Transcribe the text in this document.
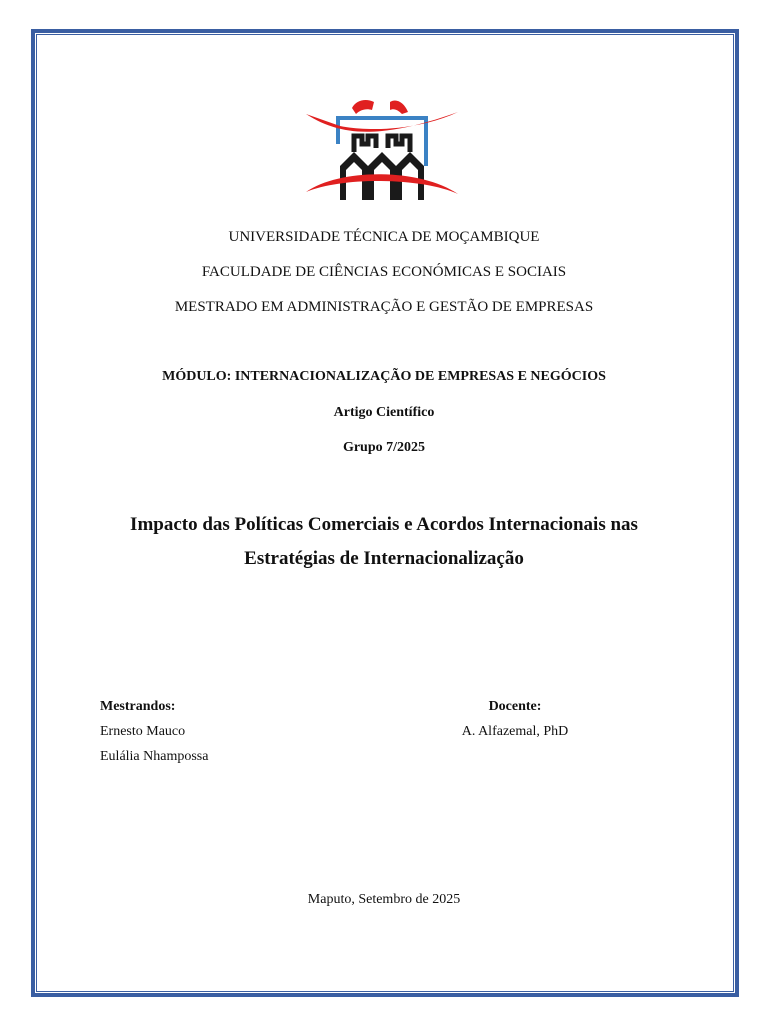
UNIVERSIDADE TÉCNICA DE MOÇAMBIQUE
FACULDADE DE CIÊNCIAS ECONÓMICAS E SOCIAIS
MESTRADO EM ADMINISTRAÇÃO E GESTÃO DE EMPRESAS
MÓDULO: INTERNACIONALIZAÇÃO DE EMPRESAS E NEGÓCIOS
Artigo Científico
Grupo 7/2025
Impacto das Políticas Comerciais e Acordos Internacionais nas
Estratégias de Internacionalização
Mestrandos:
Ernesto Mauco
Eulália Nhampossa
Docente:
A. Alfazemal, PhD
Maputo, Setembro de 2025
